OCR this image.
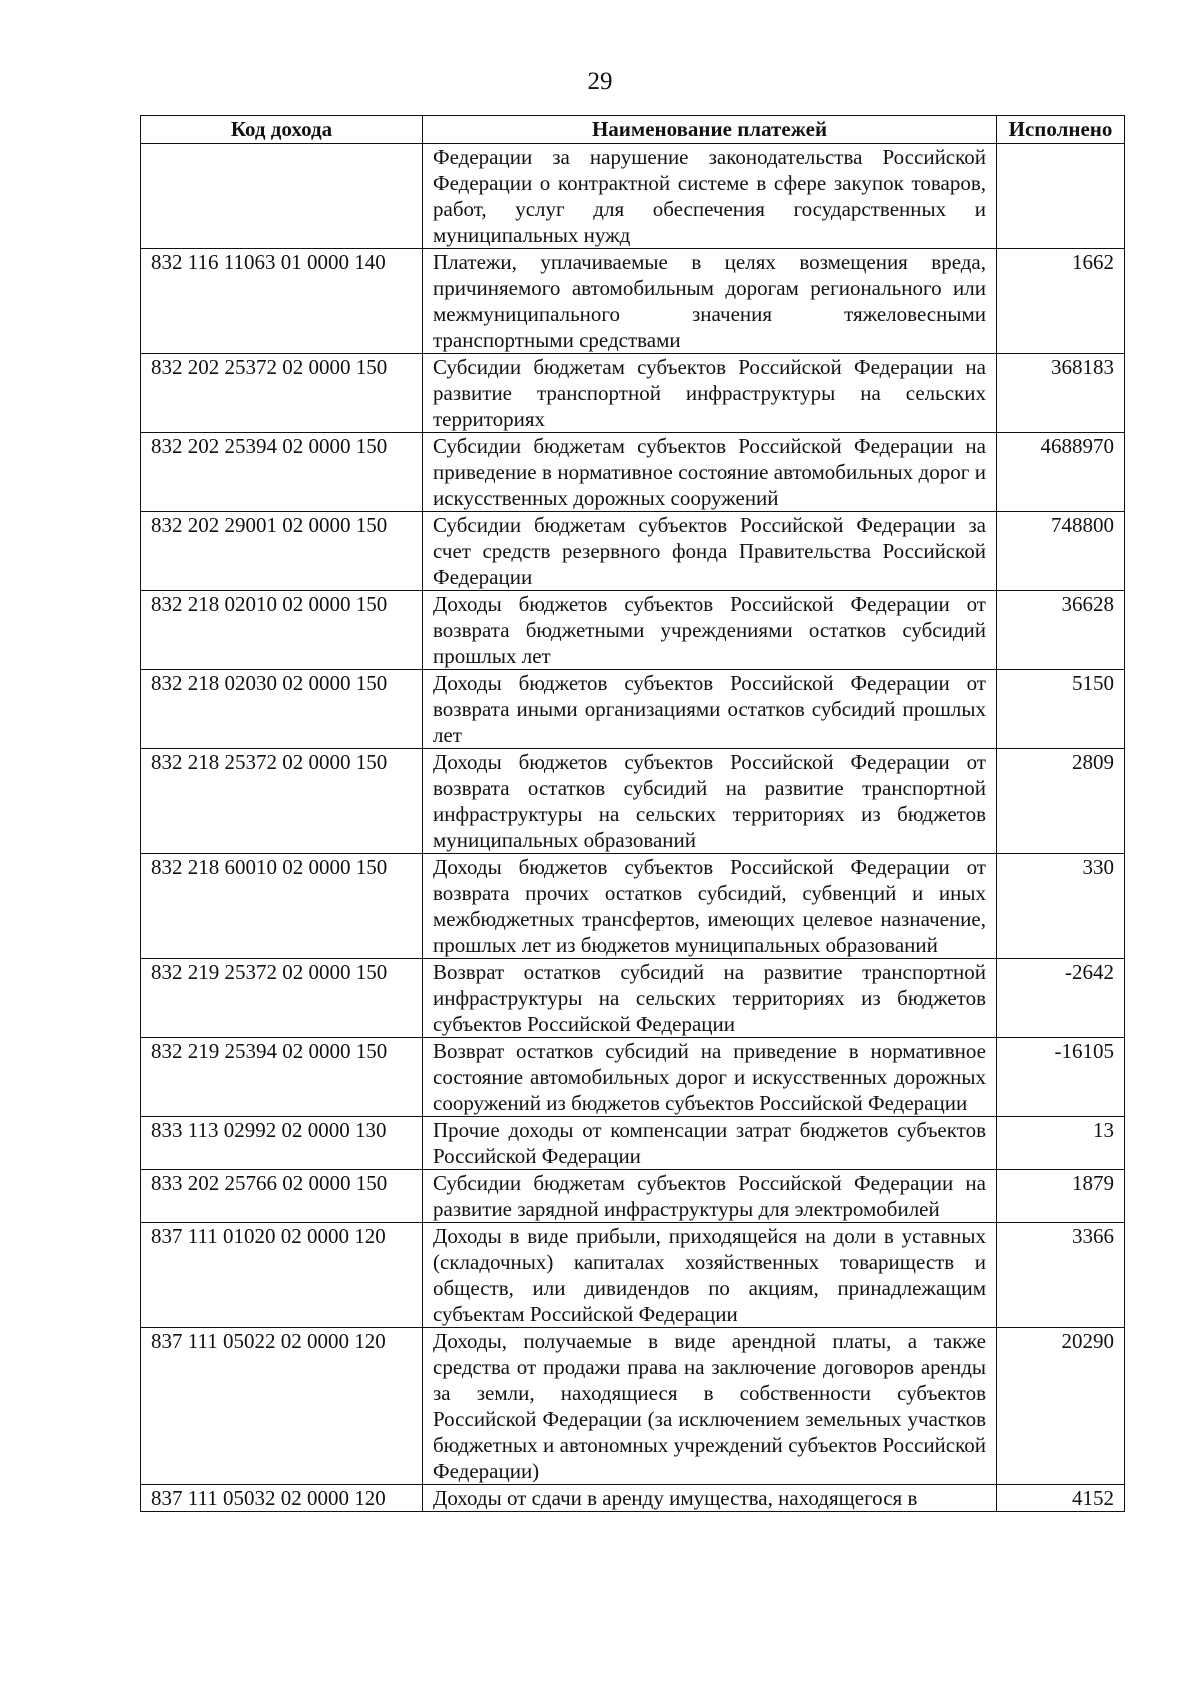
29
Код дохода	Наименование платежей	Исполнено
	Федерации за нарушение законодательства Российской Федерации о контрактной системе в сфере закупок товаров, работ, услуг для обеспечения государственных и муниципальных нужд	
832 116 11063 01 0000 140	Платежи, уплачиваемые в целях возмещения вреда, причиняемого автомобильным дорогам регионального или межмуниципального значения тяжеловесными транспортными средствами	1662
832 202 25372 02 0000 150	Субсидии бюджетам субъектов Российской Федерации на развитие транспортной инфраструктуры на сельских территориях	368183
832 202 25394 02 0000 150	Субсидии бюджетам субъектов Российской Федерации на приведение в нормативное состояние автомобильных дорог и искусственных дорожных сооружений	4688970
832 202 29001 02 0000 150	Субсидии бюджетам субъектов Российской Федерации за счет средств резервного фонда Правительства Российской Федерации	748800
832 218 02010 02 0000 150	Доходы бюджетов субъектов Российской Федерации от возврата бюджетными учреждениями остатков субсидий прошлых лет	36628
832 218 02030 02 0000 150	Доходы бюджетов субъектов Российской Федерации от возврата иными организациями остатков субсидий прошлых лет	5150
832 218 25372 02 0000 150	Доходы бюджетов субъектов Российской Федерации от возврата остатков субсидий на развитие транспортной инфраструктуры на сельских территориях из бюджетов муниципальных образований	2809
832 218 60010 02 0000 150	Доходы бюджетов субъектов Российской Федерации от возврата прочих остатков субсидий, субвенций и иных межбюджетных трансфертов, имеющих целевое назначение, прошлых лет из бюджетов муниципальных образований	330
832 219 25372 02 0000 150	Возврат остатков субсидий на развитие транспортной инфраструктуры на сельских территориях из бюджетов субъектов Российской Федерации	-2642
832 219 25394 02 0000 150	Возврат остатков субсидий на приведение в нормативное состояние автомобильных дорог и искусственных дорожных сооружений из бюджетов субъектов Российской Федерации	-16105
833 113 02992 02 0000 130	Прочие доходы от компенсации затрат бюджетов субъектов Российской Федерации	13
833 202 25766 02 0000 150	Субсидии бюджетам субъектов Российской Федерации на развитие зарядной инфраструктуры для электромобилей	1879
837 111 01020 02 0000 120	Доходы в виде прибыли, приходящейся на доли в уставных (складочных) капиталах хозяйственных товариществ и обществ, или дивидендов по акциям, принадлежащим субъектам Российской Федерации	3366
837 111 05022 02 0000 120	Доходы, получаемые в виде арендной платы, а также средства от продажи права на заключение договоров аренды за земли, находящиеся в собственности субъектов Российской Федерации (за исключением земельных участков бюджетных и автономных учреждений субъектов Российской Федерации)	20290
837 111 05032 02 0000 120	Доходы от сдачи в аренду имущества, находящегося в	4152
